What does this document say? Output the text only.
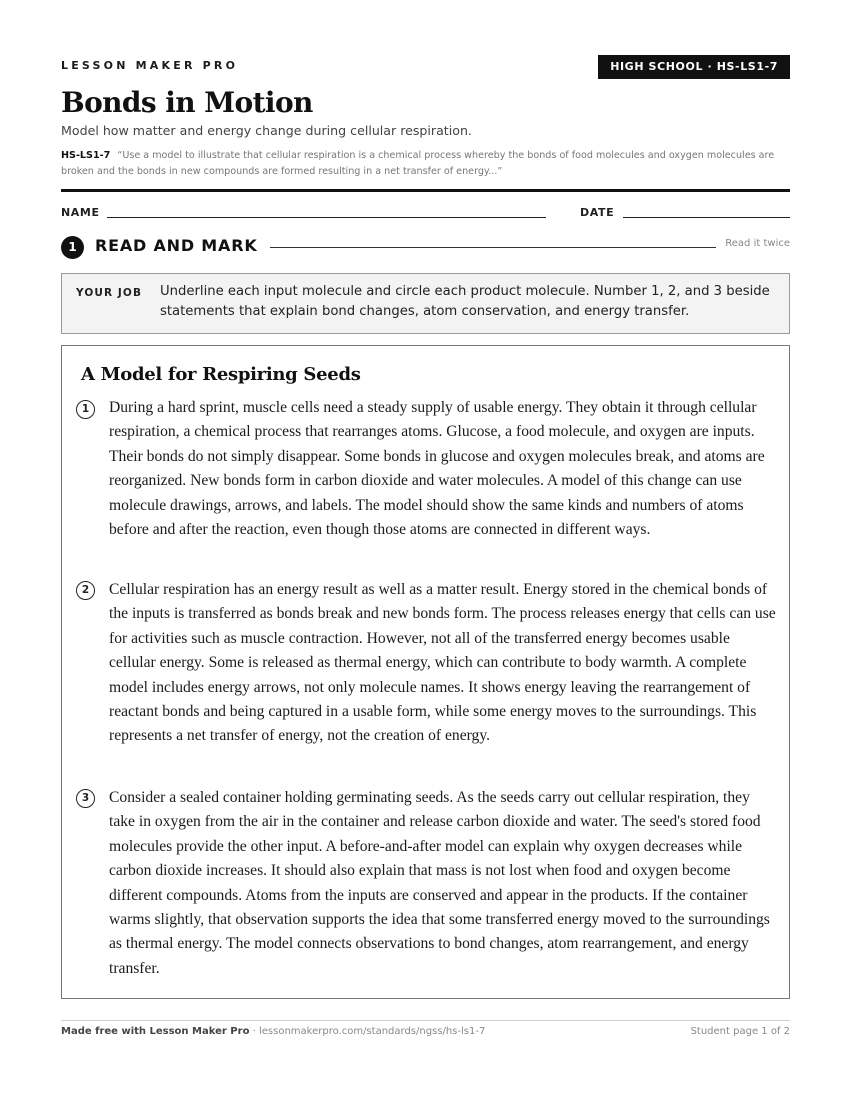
LESSON MAKER PRO	HIGH SCHOOL · HS-LS1-7
Bonds in Motion
Model how matter and energy change during cellular respiration.
HS-LS1-7 “Use a model to illustrate that cellular respiration is a chemical process whereby the bonds of food molecules and oxygen molecules are broken and the bonds in new compounds are formed resulting in a net transfer of energy...”
NAME	DATE
1	READ AND MARK	Read it twice
YOUR JOB Underline each input molecule and circle each product molecule. Number 1, 2, and 3 beside statements that explain bond changes, atom conservation, and energy transfer.
A Model for Respiring Seeds
1	During a hard sprint, muscle cells need a steady supply of usable energy. They obtain it through cellular respiration, a chemical process that rearranges atoms. Glucose, a food molecule, and oxygen are inputs. Their bonds do not simply disappear. Some bonds in glucose and oxygen molecules break, and atoms are reorganized. New bonds form in carbon dioxide and water molecules. A model of this change can use molecule drawings, arrows, and labels. The model should show the same kinds and numbers of atoms before and after the reaction, even though those atoms are connected in different ways.

2	Cellular respiration has an energy result as well as a matter result. Energy stored in the chemical bonds of the inputs is transferred as bonds break and new bonds form. The process releases energy that cells can use for activities such as muscle contraction. However, not all of the transferred energy becomes usable cellular energy. Some is released as thermal energy, which can contribute to body warmth. A complete model includes energy arrows, not only molecule names. It shows energy leaving the rearrangement of reactant bonds and being captured in a usable form, while some energy moves to the surroundings. This represents a net transfer of energy, not the creation of energy.

3	Consider a sealed container holding germinating seeds. As the seeds carry out cellular respiration, they take in oxygen from the air in the container and release carbon dioxide and water. The seed's stored food molecules provide the other input. A before-and-after model can explain why oxygen decreases while carbon dioxide increases. It should also explain that mass is not lost when food and oxygen become different compounds. Atoms from the inputs are conserved and appear in the products. If the container warms slightly, that observation supports the idea that some transferred energy moved to the surroundings as thermal energy. The model connects observations to bond changes, atom rearrangement, and energy transfer.

Made free with Lesson Maker Pro · lessonmakerpro.com/standards/ngss/hs-ls1-7	Student page 1 of 2
